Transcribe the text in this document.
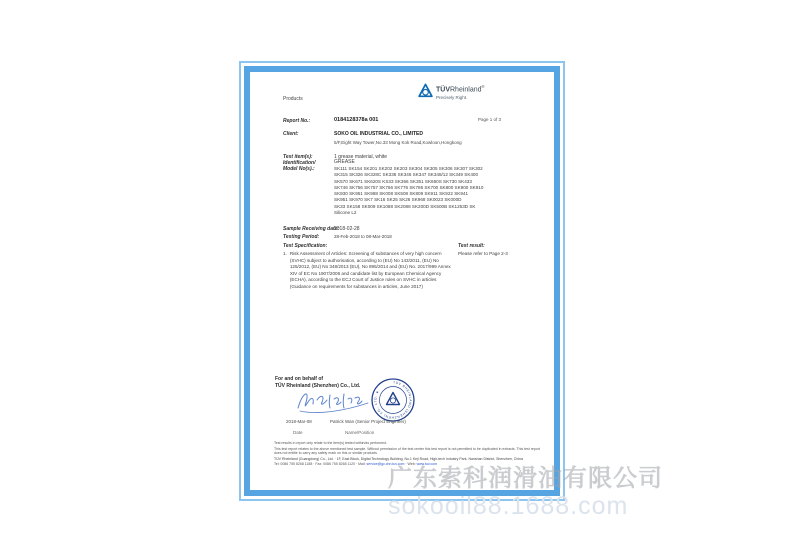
Products
TÜVRheinland®
Precisely Right.
Page 1 of 3
Report No.:	0184128378a 001
Client:	SOKO OIL INDUSTRIAL CO., LIMITED
5/F,Eight Way Tower,No.33 Mong Kok Road,Kowloon,Hongkong
Test item(s):	1 grease material, white
Identification/
Model No(s).:
GREASE
SK111 SK154 SK201 SK202 SK203 SK304 SK305 SK306 SK307 SK302
SK315 SK326 SK328C SK336 SK346 SK347 SK348/12 SK349 SK400
SK570 SK671 SK620S KS33 SK366 SK351 SK660S SK730 SK433
SK746 SK756 SK757 SK766 SK776 SK786 SK700 SK800 SK900 SK910
SK930 SK951 SK988 SK008 SK508 SK809 SK911 SK922 SK941
SK951 SK970 SK7 SK16 SK25 SK26 SK968 SK0023 SK000D
SK33 SK158 SK009 SK1088 SK2088 SK200D SK500B SK1253D SK
Silicone L2
Sample Receiving date:
2018-02-28
Testing Period:	28-Feb-2018 to 08-Mar-2018
Test Specification:	Test result:
1. Risk Assessment of Articles: Screening of substances of very high concern (SVHC) subject to authorisation, according to (EU) No 143/2011, (EU) No 125/2012, (EU) No 348/2013 (EU), No 895/2014 and (EU) No. 2017/999 Annex XIV of EC No 1907/2006 and candidate list by European Chemical Agency (ECHA), according to the ECJ Court of Justice rules on SVHC in articles (Guidance on requirements for substances in articles, June 2017)
Please refer to Page 2-3
For and on behalf of
TÜV Rheinland (Shenzhen) Co., Ltd.
TÜV RHEINLAND (SHENZHEN) CO., LTD. ★
2018-Mar-08	Patrick Wan (Senior Project Engineer)
Date	Name/Position
Test results in report only relate to the item(s) tested within/as performed.
This test report relates to the above mentioned test sample. Without permission of the test center this test report is not permitted to be duplicated in extracts. This test report does not entitle to carry any safety mark on this or similar products.
TÜV Rheinland (Guangdong) Co., Ltd. · 1F, East Block, Digital Technology Building, No.1 Keji Road, High-tech Industry Park, Nanshan District, Shenzhen, China
Tel: 0086 755 8268 1188 · Fax: 0086 755 8268 1120 · Mail: service@gc.chn.tuv.com · Web: www.tuv.com
广东索科润滑油有限公司
sokooil88.1688.com
